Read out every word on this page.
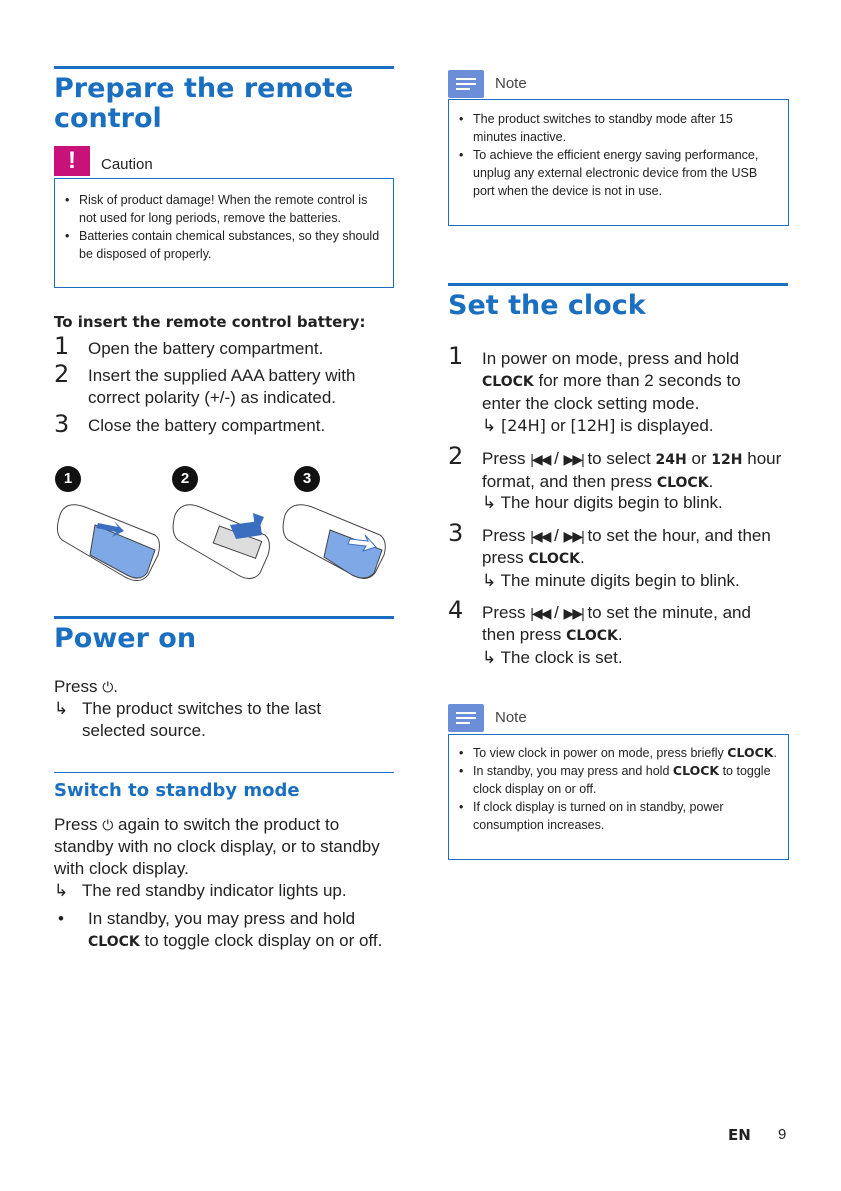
Prepare the remote
control
!	Caution
• Risk of product damage! When the remote control is not used for long periods, remove the batteries.
• Batteries contain chemical substances, so they should be disposed of properly.
To insert the remote control battery:
1 Open the battery compartment.
2 Insert the supplied AAA battery with correct polarity (+/-) as indicated.
3 Close the battery compartment.
1	2	3
Power on
Press ⏻.
↳ The product switches to the last selected source.
Switch to standby mode
Press ⏻ again to switch the product to standby with no clock display, or to standby with clock display.
↳ The red standby indicator lights up.
• In standby, you may press and hold CLOCK to toggle clock display on or off.
Note
• The product switches to standby mode after 15 minutes inactive.
• To achieve the efficient energy saving performance, unplug any external electronic device from the USB port when the device is not in use.
Set the clock
1 In power on mode, press and hold CLOCK for more than 2 seconds to enter the clock setting mode.
↳ [24H] or [12H] is displayed.
2 Press |◀◀ / ▶▶| to select 24H or 12H hour format, and then press CLOCK.
↳ The hour digits begin to blink.
3 Press |◀◀ / ▶▶| to set the hour, and then press CLOCK.
↳ The minute digits begin to blink.
4 Press |◀◀ / ▶▶| to set the minute, and then press CLOCK.
↳ The clock is set.
Note
• To view clock in power on mode, press briefly CLOCK.
• In standby, you may press and hold CLOCK to toggle clock display on or off.
• If clock display is turned on in standby, power consumption increases.
EN 9
